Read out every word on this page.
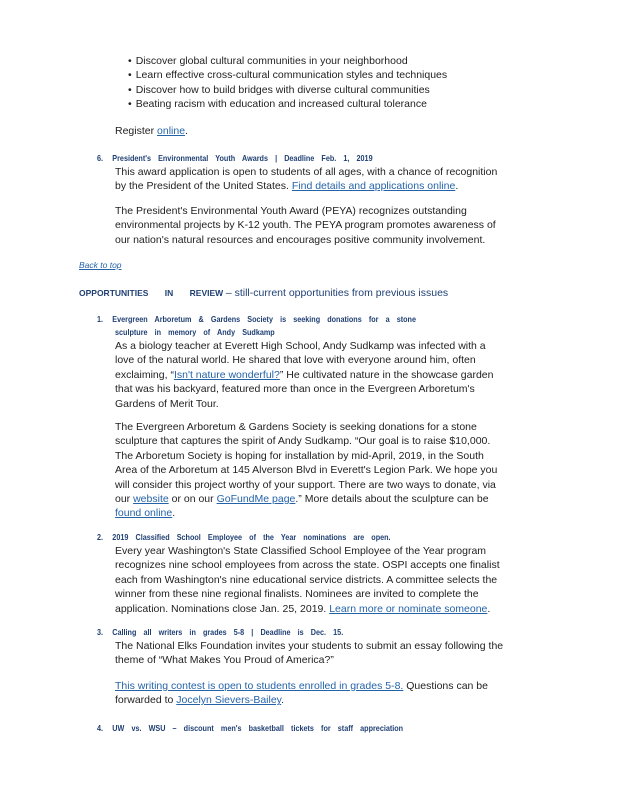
• Discover global cultural communities in your neighborhood
• Learn effective cross-cultural communication styles and techniques
• Discover how to build bridges with diverse cultural communities
• Beating racism with education and increased cultural tolerance
Register online.
6. President's Environmental Youth Awards | Deadline Feb. 1, 2019
This award application is open to students of all ages, with a chance of recognition
by the President of the United States. Find details and applications online.
The President's Environmental Youth Award (PEYA) recognizes outstanding
environmental projects by K-12 youth. The PEYA program promotes awareness of
our nation's natural resources and encourages positive community involvement.
Back to top
OPPORTUNITIES IN REVIEW – still-current opportunities from previous issues
1. Evergreen Arboretum & Gardens Society is seeking donations for a stone
sculpture in memory of Andy Sudkamp
As a biology teacher at Everett High School, Andy Sudkamp was infected with a
love of the natural world. He shared that love with everyone around him, often
exclaiming, “Isn't nature wonderful?” He cultivated nature in the showcase garden
that was his backyard, featured more than once in the Evergreen Arboretum's
Gardens of Merit Tour.
The Evergreen Arboretum & Gardens Society is seeking donations for a stone
sculpture that captures the spirit of Andy Sudkamp. “Our goal is to raise $10,000.
The Arboretum Society is hoping for installation by mid-April, 2019, in the South
Area of the Arboretum at 145 Alverson Blvd in Everett's Legion Park. We hope you
will consider this project worthy of your support. There are two ways to donate, via
our website or on our GoFundMe page.” More details about the sculpture can be
found online.
2. 2019 Classified School Employee of the Year nominations are open.
Every year Washington's State Classified School Employee of the Year program
recognizes nine school employees from across the state. OSPI accepts one finalist
each from Washington's nine educational service districts. A committee selects the
winner from these nine regional finalists. Nominees are invited to complete the
application. Nominations close Jan. 25, 2019. Learn more or nominate someone.
3. Calling all writers in grades 5-8 | Deadline is Dec. 15.
The National Elks Foundation invites your students to submit an essay following the
theme of “What Makes You Proud of America?”
This writing contest is open to students enrolled in grades 5-8. Questions can be
forwarded to Jocelyn Sievers-Bailey.
4. UW vs. WSU – discount men's basketball tickets for staff appreciation
